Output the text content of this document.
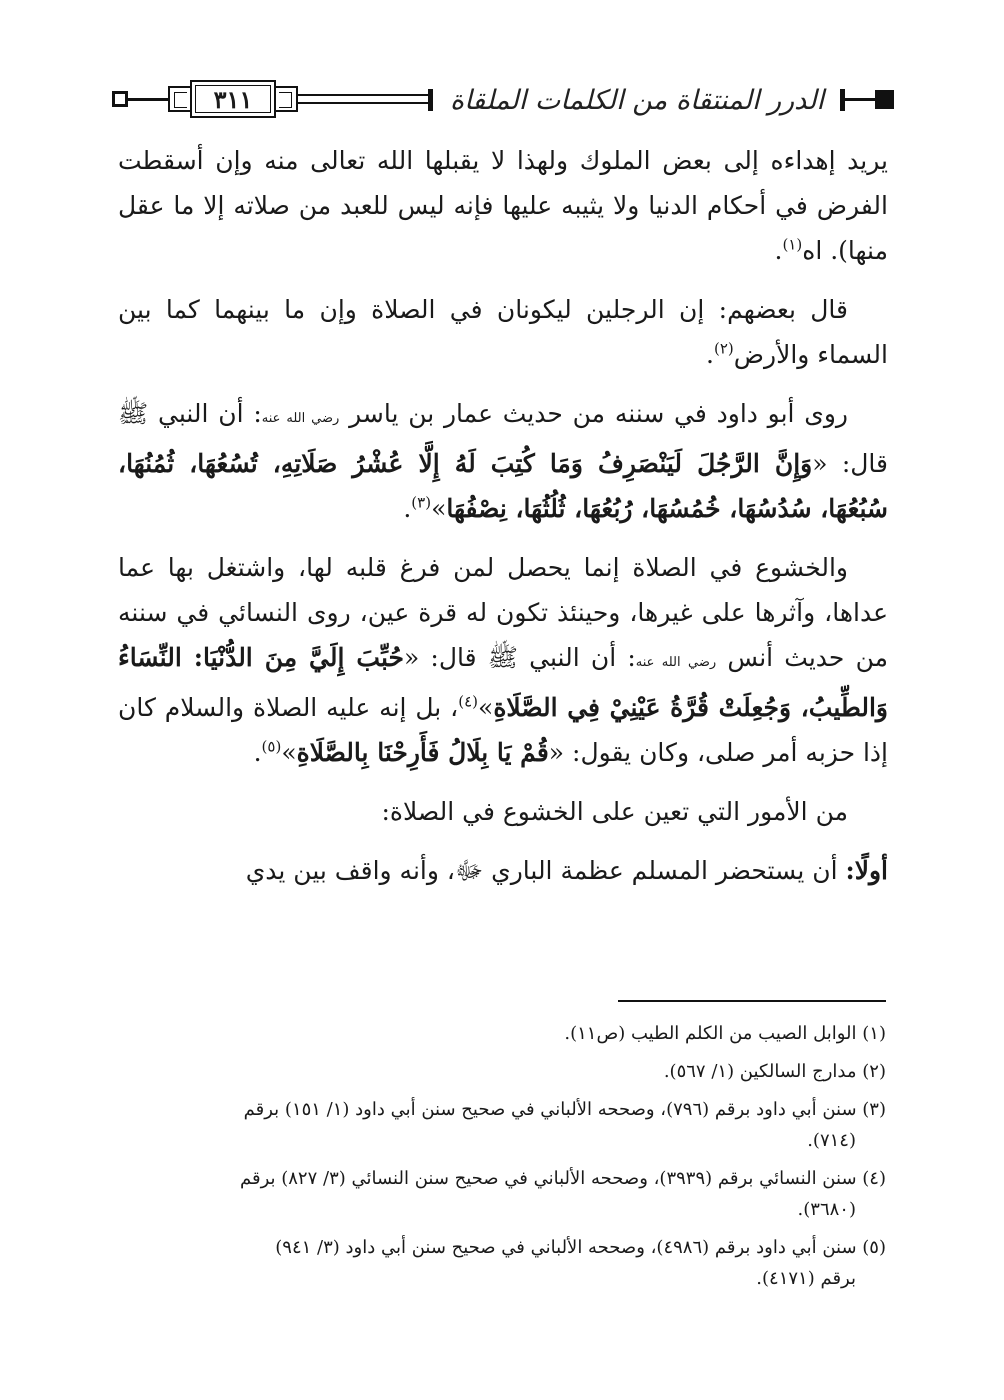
٣١١	الدرر المنتقاة من الكلمات الملقاة

يريد إهداءه إلى بعض الملوك ولهذا لا يقبلها الله تعالى منه وإن أسقطت الفرض في أحكام الدنيا ولا يثيبه عليها فإنه ليس للعبد من صلاته إلا ما عقل منها). اه$^{(١)}$.

قال بعضهم: إن الرجلين ليكونان في الصلاة وإن ما بينهما كما بين السماء والأرض$^{(٢)}$.

روى أبو داود في سننه من حديث عمار بن ياسر رضي الله عنه: أن النبي ﷺ قال: «وَإِنَّ الرَّجُلَ لَيَنْصَرِفُ وَمَا كُتِبَ لَهُ إِلَّا عُشْرُ صَلَاتِهِ، تُسُعُهَا، ثُمُنُهَا، سُبُعُهَا، سُدُسُهَا، خُمُسُهَا، رُبُعُهَا، ثُلُثُهَا، نِصْفُهَا»$^{(٣)}$.

والخشوع في الصلاة إنما يحصل لمن فرغ قلبه لها، واشتغل بها عما عداها، وآثرها على غيرها، وحينئذ تكون له قرة عين، روى النسائي في سننه من حديث أنس رضي الله عنه: أن النبي ﷺ قال: «حُبِّبَ إِلَيَّ مِنَ الدُّنْيَا: النِّسَاءُ وَالطِّيبُ، وَجُعِلَتْ قُرَّةُ عَيْنِيْ فِي الصَّلَاةِ»$^{(٤)}$، بل إنه عليه الصلاة والسلام كان إذا حزبه أمر صلى، وكان يقول: «قُمْ يَا بِلَالُ فَأَرِحْنَا بِالصَّلَاةِ»$^{(٥)}$.

من الأمور التي تعين على الخشوع في الصلاة:

أولًا: أن يستحضر المسلم عظمة الباري ﷻ، وأنه واقف بين يدي

(١) الوابل الصيب من الكلم الطيب (ص١١).

(٢) مدارج السالكين (١/ ٥٦٧).

(٣) سنن أبي داود برقم (٧٩٦)، وصححه الألباني في صحيح سنن أبي داود (١/ ١٥١) برقم
(٧١٤).

(٤) سنن النسائي برقم (٣٩٣٩)، وصححه الألباني في صحيح سنن النسائي (٣/ ٨٢٧) برقم
(٣٦٨٠).

(٥) سنن أبي داود برقم (٤٩٨٦)، وصححه الألباني في صحيح سنن أبي داود (٣/ ٩٤١)
برقم (٤١٧١).
